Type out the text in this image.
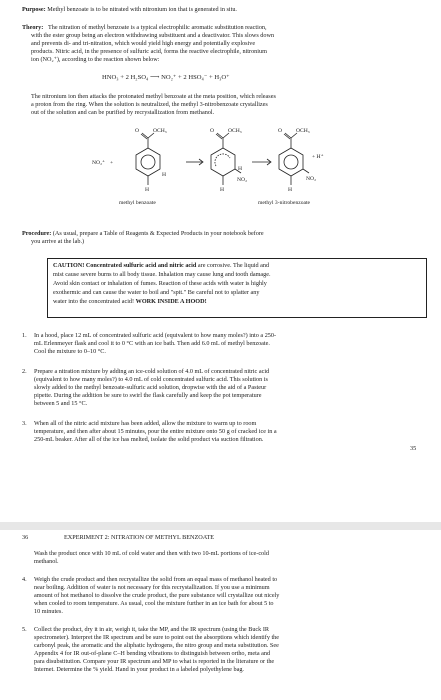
Purpose: Methyl benzoate is to be nitrated with nitronium ion that is generated in situ.
Theory: The nitration of methyl benzoate is a typical electrophilic aromatic substitution reaction,
with the ester group being an electron withdrawing substituent and a deactivator. This slows down
and prevents di- and tri-nitration, which would yield high energy and potentially explosive
products. Nitric acid, in the presence of sulfuric acid, forms the reactive electrophile, nitronium
ion (NO₂⁺), according to the reaction shown below:
HNO₃ + 2 H₂SO₄ ⟶ NO₂⁺ + 2 HSO₄⁻ + H₃O⁺
The nitronium ion then attacks the protonated methyl benzoate at the meta position, which releases
a proton from the ring. When the solution is neutralized, the methyl 3-nitrobenzoate crystallizes
out of the solution and can be purified by recrystallization from methanol.
O OCH₃
H
H
NO₂⁺ +
O OCH₃
H
NO₂
H
O OCH₃
NO₂
H
+ H⁺
methyl benzoate	methyl 3-nitrobenzoate
Procedure: (As usual, prepare a Table of Reagents & Expected Products in your notebook before
you arrive at the lab.)
CAUTION! Concentrated sulfuric acid and nitric acid are corrosive. The liquid and
mist cause severe burns to all body tissue. Inhalation may cause lung and tooth damage.
Avoid skin contact or inhalation of fumes. Reaction of these acids with water is highly
exothermic and can cause the water to boil and "spit." Be careful not to splatter any
water into the concentrated acid! WORK INSIDE A HOOD!
1. In a hood, place 12 mL of concentrated sulfuric acid (equivalent to how many moles?) into a 250-
mL Erlenmeyer flask and cool it to 0 °C with an ice bath. Then add 6.0 mL of methyl benzoate.
Cool the mixture to 0–10 °C.
2. Prepare a nitration mixture by adding an ice-cold solution of 4.0 mL of concentrated nitric acid
(equivalent to how many moles?) to 4.0 mL of cold concentrated sulfuric acid. This solution is
slowly added to the methyl benzoate-sulfuric acid solution, dropwise with the aid of a Pasteur
pipette. During the addition be sure to swirl the flask carefully and keep the pot temperature
between 5 and 15 °C.
3. When all of the nitric acid mixture has been added, allow the mixture to warm up to room
temperature, and then after about 15 minutes, pour the entire mixture onto 50 g of cracked ice in a
250-mL beaker. After all of the ice has melted, isolate the solid product via suction filtration.
35
36	EXPERIMENT 2: NITRATION OF METHYL BENZOATE
Wash the product once with 10 mL of cold water and then with two 10-mL portions of ice-cold
methanol.
4. Weigh the crude product and then recrystallize the solid from an equal mass of methanol heated to
near boiling. Addition of water is not necessary for this recrystallization. If you use a minimum
amount of hot methanol to dissolve the crude product, the pure substance will crystallize out nicely
when cooled to room temperature. As usual, cool the mixture further in an ice bath for about 5 to
10 minutes.
5. Collect the product, dry it in air, weigh it, take the MP, and the IR spectrum (using the Buck IR
spectrometer). Interpret the IR spectrum and be sure to point out the absorptions which identify the
carbonyl peak, the aromatic and the aliphatic hydrogens, the nitro group and meta substitution. See
Appendix 4 for IR out-of-plane C–H bending vibrations to distinguish between ortho, meta and
para disubstitution. Compare your IR spectrum and MP to what is reported in the literature or the
Internet. Determine the % yield. Hand in your product in a labeled polyethylene bag.
